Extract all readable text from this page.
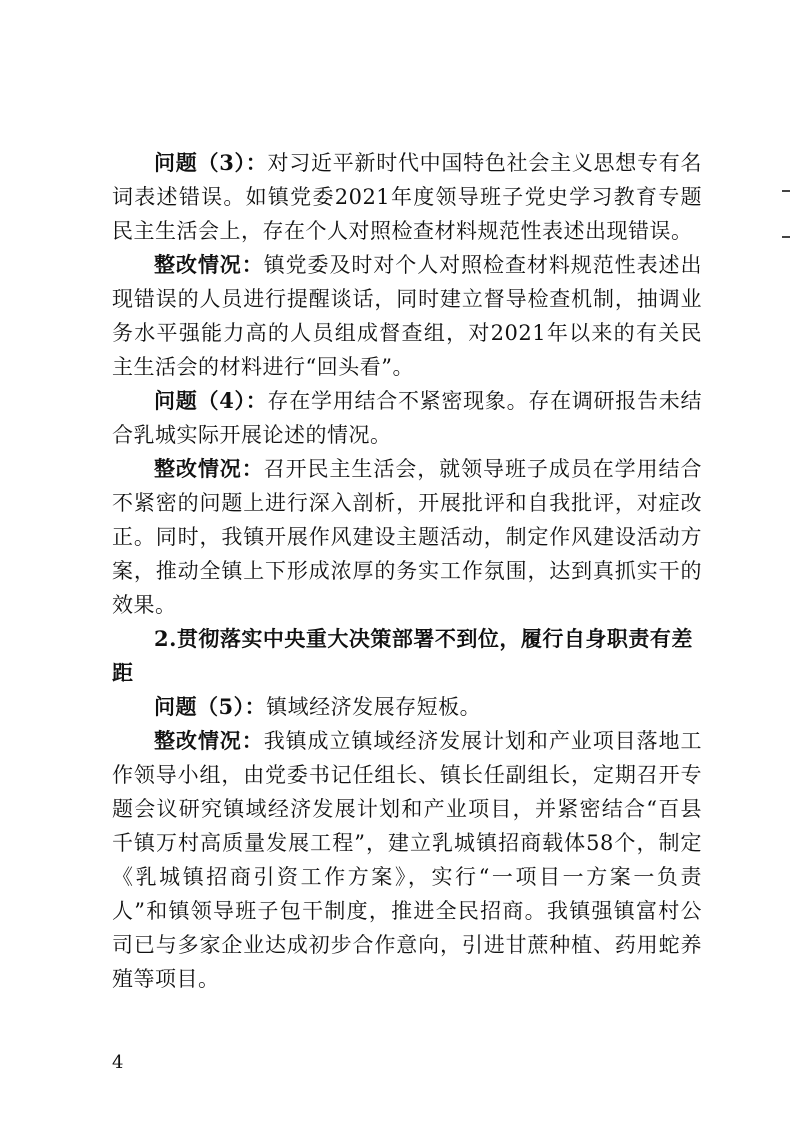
问题（3）：对习近平新时代中国特色社会主义思想专有名词表述错误。如镇党委2021年度领导班子党史学习教育专题民主生活会上，存在个人对照检查材料规范性表述出现错误。

整改情况：镇党委及时对个人对照检查材料规范性表述出现错误的人员进行提醒谈话，同时建立督导检查机制，抽调业务水平强能力高的人员组成督查组，对2021年以来的有关民主生活会的材料进行“回头看”。

问题（4）：存在学用结合不紧密现象。存在调研报告未结合乳城实际开展论述的情况。

整改情况：召开民主生活会，就领导班子成员在学用结合不紧密的问题上进行深入剖析，开展批评和自我批评，对症改正。同时，我镇开展作风建设主题活动，制定作风建设活动方案，推动全镇上下形成浓厚的务实工作氛围，达到真抓实干的效果。

2.贯彻落实中央重大决策部署不到位，履行自身职责有差距

问题（5）：镇域经济发展存短板。

整改情况：我镇成立镇域经济发展计划和产业项目落地工作领导小组，由党委书记任组长、镇长任副组长，定期召开专题会议研究镇域经济发展计划和产业项目，并紧密结合“百县千镇万村高质量发展工程”，建立乳城镇招商载体58个，制定《乳城镇招商引资工作方案》，实行“一项目一方案一负责人”和镇领导班子包干制度，推进全民招商。我镇强镇富村公司已与多家企业达成初步合作意向，引进甘蔗种植、药用蛇养殖等项目。

4
